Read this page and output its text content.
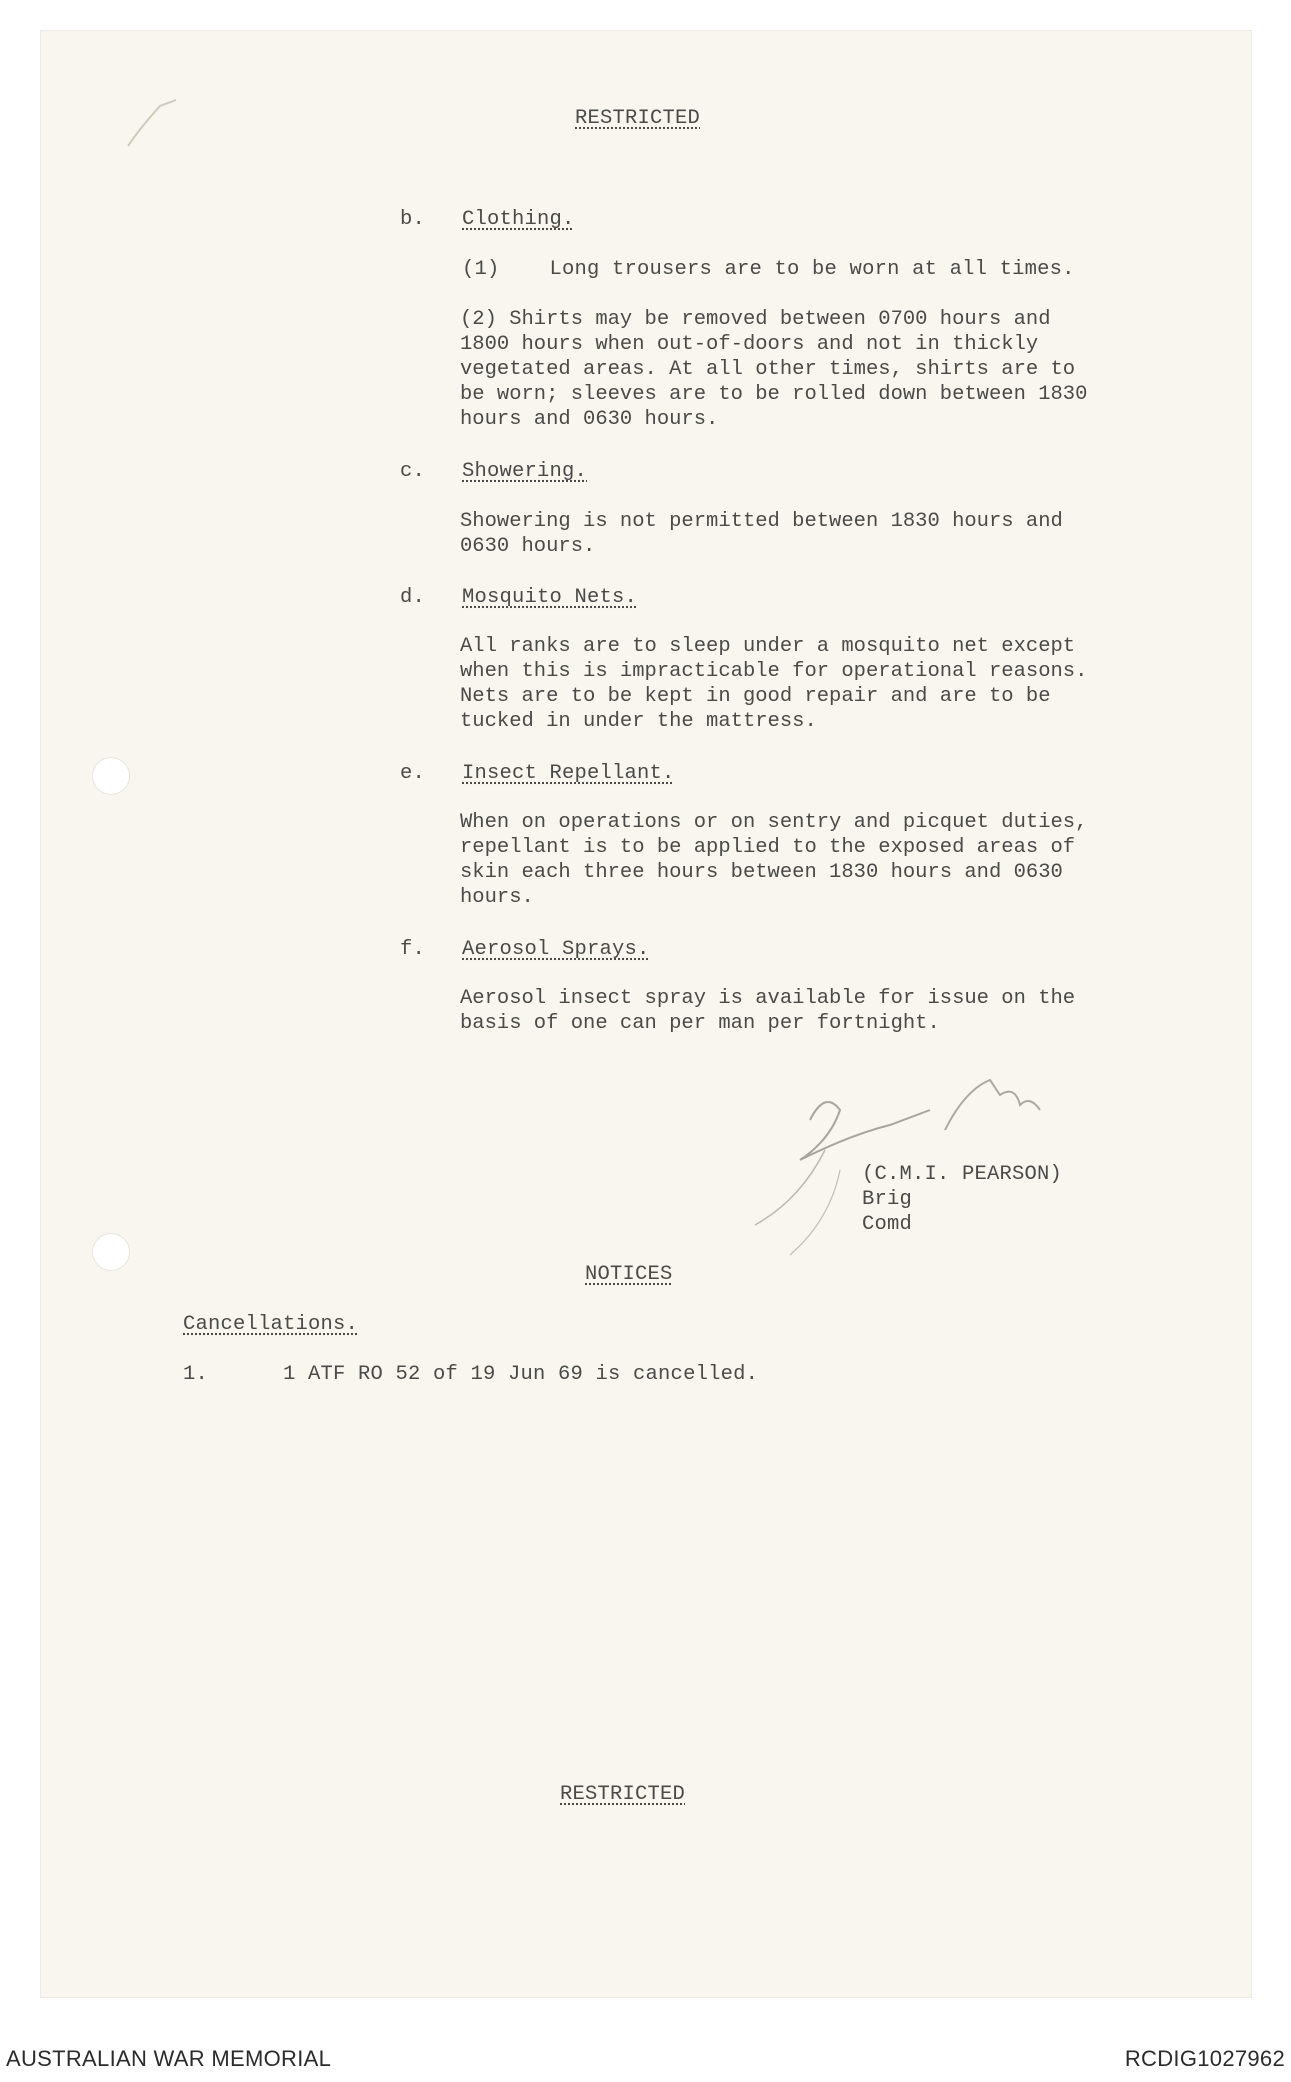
RESTRICTED
b. Clothing.
(1)    Long trousers are to be worn at all times.
(2) Shirts may be removed between 0700 hours and 1800 hours when out-of-doors and not in thickly vegetated areas. At all other times, shirts are to be worn; sleeves are to be rolled down between 1830 hours and 0630 hours.
c. Showering.
Showering is not permitted between 1830 hours and 0630 hours.
d. Mosquito Nets.
All ranks are to sleep under a mosquito net except when this is impracticable for operational reasons. Nets are to be kept in good repair and are to be tucked in under the mattress.
e. Insect Repellant.
When on operations or on sentry and picquet duties, repellant is to be applied to the exposed areas of skin each three hours between 1830 hours and 0630 hours.
f. Aerosol Sprays.
Aerosol insect spray is available for issue on the basis of one can per man per fortnight.
(C.M.I. PEARSON)
Brig
Comd
NOTICES
Cancellations.
1.	1 ATF RO 52 of 19 Jun 69 is cancelled.
RESTRICTED
AUSTRALIAN WAR MEMORIAL	RCDIG1027962
